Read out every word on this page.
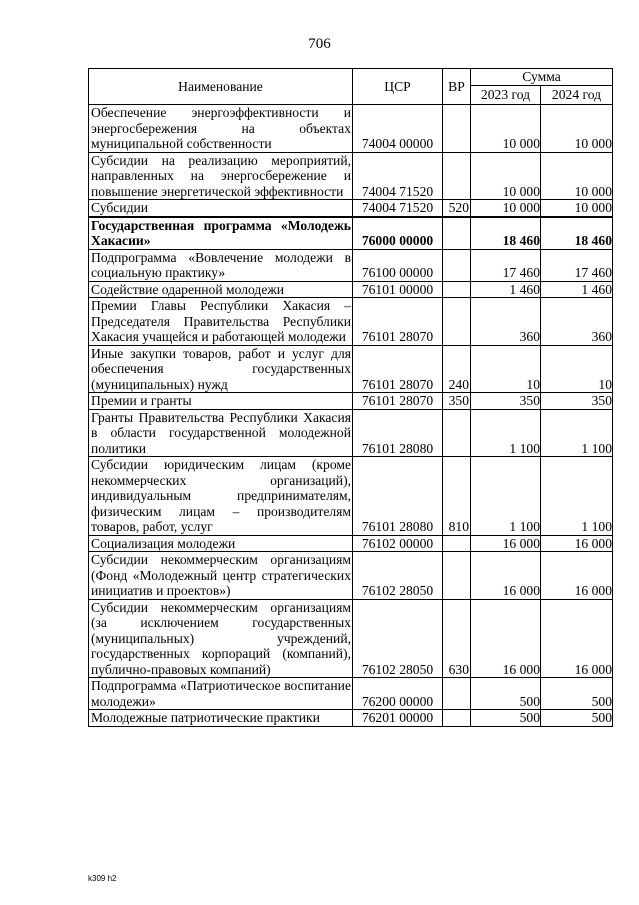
706
Наименование	ЦСР	ВР	Сумма	
			2023 год	2024 год
Обеспечение энергоэффективности и энергосбережения на объектах муниципальной собственности	74004 00000		10 000	10 000
Субсидии на реализацию мероприятий, направленных на энергосбережение и повышение энергетической эффективности	74004 71520		10 000	10 000
Субсидии	74004 71520	520	10 000	10 000
Государственная программа «Молодежь Хакасии»	76000 00000		18 460	18 460
Подпрограмма «Вовлечение молодежи в социальную практику»	76100 00000		17 460	17 460
Содействие одаренной молодежи	76101 00000		1 460	1 460
Премии Главы Республики Хакасия – Председателя Правительства Республики Хакасия учащейся и работающей молодежи	76101 28070		360	360
Иные закупки товаров, работ и услуг для обеспечения государственных (муниципальных) нужд	76101 28070	240	10	10
Премии и гранты	76101 28070	350	350	350
Гранты Правительства Республики Хакасия в области государственной молодежной политики	76101 28080		1 100	1 100
Субсидии юридическим лицам (кроме некоммерческих организаций), индивидуальным предпринимателям, физическим лицам – производителям товаров, работ, услуг	76101 28080	810	1 100	1 100
Социализация молодежи	76102 00000		16 000	16 000
Субсидии некоммерческим организациям (Фонд «Молодежный центр стратегических инициатив и проектов»)	76102 28050		16 000	16 000
Субсидии некоммерческим организациям (за исключением государственных (муниципальных) учреждений, государственных корпораций (компаний), публично-правовых компаний)	76102 28050	630	16 000	16 000
Подпрограмма «Патриотическое воспитание молодежи»	76200 00000		500	500
Молодежные патриотические практики	76201 00000		500	500
k309 h2
